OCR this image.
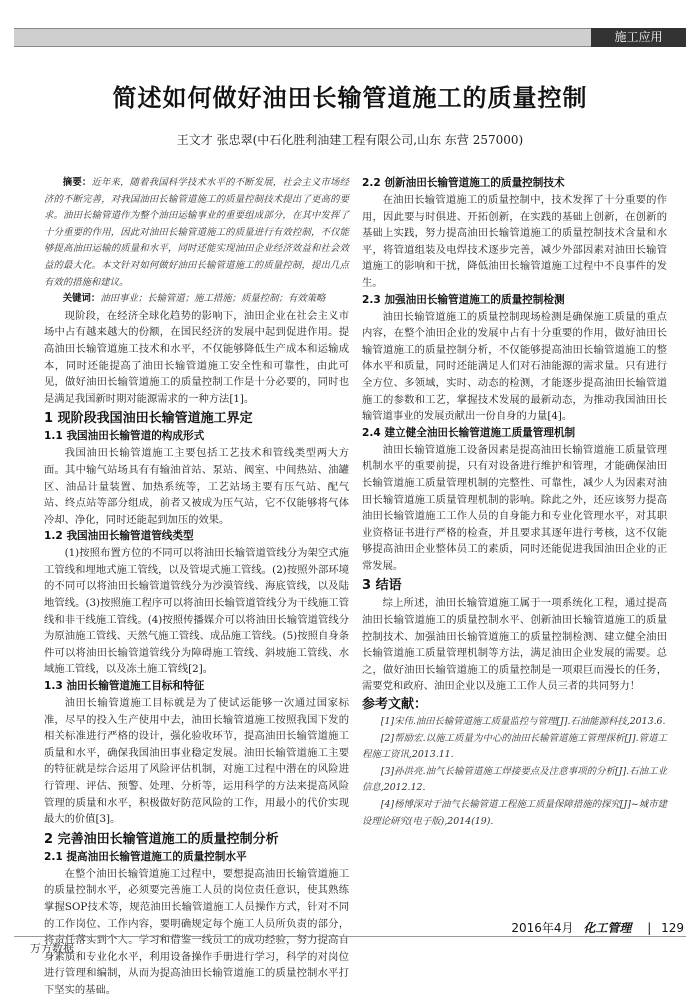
施工应用
简述如何做好油田长输管道施工的质量控制
王文才 张忠翠(中石化胜利油建工程有限公司,山东 东营 257000)

摘要：近年来，随着我国科学技术水平的不断发展，社会主义市场经济的不断完善，对我国油田长输管道施工的质量控制技术提出了更高的要求。油田长输管道作为整个油田运输事业的重要组成部分，在其中发挥了十分重要的作用，因此对油田长输管道施工的质量进行有效控制，不仅能够提高油田运输的质量和水平，同时还能实现油田企业经济效益和社会效益的最大化。本文针对如何做好油田长输管道施工的质量控制，提出几点有效的措施和建议。

关键词：油田事业；长输管道；施工措施；质量控制；有效策略

现阶段，在经济全球化趋势的影响下，油田企业在社会主义市场中占有越来越大的份额，在国民经济的发展中起到促进作用。提高油田长输管道施工技术和水平，不仅能够降低生产成本和运输成本，同时还能提高了油田长输管道施工安全性和可靠性，由此可见，做好油田长输管道施工的质量控制工作是十分必要的，同时也是满足我国新时期对能源需求的一种方法[1]。

1 现阶段我国油田长输管道施工界定
1.1 我国油田长输管道的构成形式

我国油田长输管道施工主要包括工艺技术和管线类型两大方面。其中输气站场具有有输油首站、泵站、阀室、中间热站、油罐区、油品计量装置、加热系统等，工艺站场主要有压气站、配气站、终点站等部分组成，前者又被成为压气站，它不仅能够将气体冷却、净化，同时还能起到加压的效果。

1.2 我国油田长输管道管线类型

(1)按照布置方位的不同可以将油田长输管道管线分为架空式施工管线和埋地式施工管线，以及管堤式施工管线。(2)按照外部环境的不同可以将油田长输管道管线分为沙漠管线、海底管线，以及陆地管线。(3)按照施工程序可以将油田长输管道管线分为干线施工管线和非干线施工管线。(4)按照传播媒介可以将油田长输管道管线分为原油施工管线、天然气施工管线、成品施工管线。(5)按照自身条件可以将油田长输管道管线分为障碍施工管线、斜坡施工管线、水域施工管线，以及冻土施工管线[2]。

1.3 油田长输管道施工目标和特征

油田长输管道施工目标就是为了使试运能够一次通过国家标准，尽早的投入生产使用中去，油田长输管道施工按照我国下发的相关标准进行严格的设计，强化验收环节，提高油田长输管道施工质量和水平，确保我国油田事业稳定发展。油田长输管道施工主要的特征就是综合运用了风险评估机制，对施工过程中潜在的风险进行管理、评估、预警、处理、分析等，运用科学的方法来提高风险管理的质量和水平，积极做好防范风险的工作，用最小的代价实现最大的价值[3]。

2 完善油田长输管道施工的质量控制分析
2.1 提高油田长输管道施工的质量控制水平

在整个油田长输管道施工过程中，要想提高油田长输管道施工的质量控制水平，必须要完善施工人员的岗位责任意识，使其熟练掌握SOP技术等，规范油田长输管道施工人员操作方式，针对不同的工作岗位、工作内容，要明确规定每个施工人员所负责的部分，将责任落实到个人。学习和借鉴一线员工的成功经验，努力提高自身素质和专业化水平，利用设备操作手册进行学习，科学的对岗位进行管理和编制，从而为提高油田长输管道施工的质量控制水平打下坚实的基础。

2.2 创新油田长输管道施工的质量控制技术

在油田长输管道施工的质量控制中，技术发挥了十分重要的作用，因此要与时俱进、开拓创新，在实践的基础上创新，在创新的基础上实践，努力提高油田长输管道施工的质量控制技术含量和水平，将管道组装及电焊技术逐步完善，减少外部因素对油田长输管道施工的影响和干扰，降低油田长输管道施工过程中不良事件的发生。

2.3 加强油田长输管道施工的质量控制检测

油田长输管道施工的质量控制现场检测是确保施工质量的重点内容，在整个油田企业的发展中占有十分重要的作用，做好油田长输管道施工的质量控制分析，不仅能够提高油田长输管道施工的整体水平和质量，同时还能满足人们对石油能源的需求量。只有进行全方位、多领域，实时、动态的检测，才能逐步提高油田长输管道施工的参数和工艺，掌握技术发展的最新动态，为推动我国油田长输管道事业的发展贡献出一份自身的力量[4]。

2.4 建立健全油田长输管道施工质量管理机制

油田长输管道施工设备因素是提高油田长输管道施工质量管理机制水平的重要前提，只有对设备进行维护和管理，才能确保油田长输管道施工质量管理机制的完整性、可靠性，减少人为因素对油田长输管道施工质量管理机制的影响。除此之外，还应该努力提高油田长输管道施工工作人员的自身能力和专业化管理水平，对其职业资格证书进行严格的检查，并且要求其逐年进行考核，这不仅能够提高油田企业整体员工的素质，同时还能促进我国油田企业的正常发展。

3 结语

综上所述，油田长输管道施工属于一项系统化工程，通过提高油田长输管道施工的质量控制水平、创新油田长输管道施工的质量控制技术、加强油田长输管道施工的质量控制检测、建立健全油田长输管道施工质量管理机制等方法，满足油田企业发展的需要。总之，做好油田长输管道施工的质量控制是一项艰巨而漫长的任务，需要党和政府、油田企业以及施工工作人员三者的共同努力！

参考文献：

[1]宋伟.油田长输管道施工质量监控与管理[J].石油能源科技,2013.6.

[2]帮励宏.以施工质量为中心的油田长输管道施工管理探析[J].管道工程施工资讯,2013.11.

[3]孙洪亮.油气长输管道施工焊接要点及注意事项的分析[J].石油工业信息,2012.12.

[4]杨博深对于油气长输管道工程施工质量保障措施的探究[J]~城市建设理论研究(电子版),2014(19).

2016年4月 化工管理 | 129
万方数据
